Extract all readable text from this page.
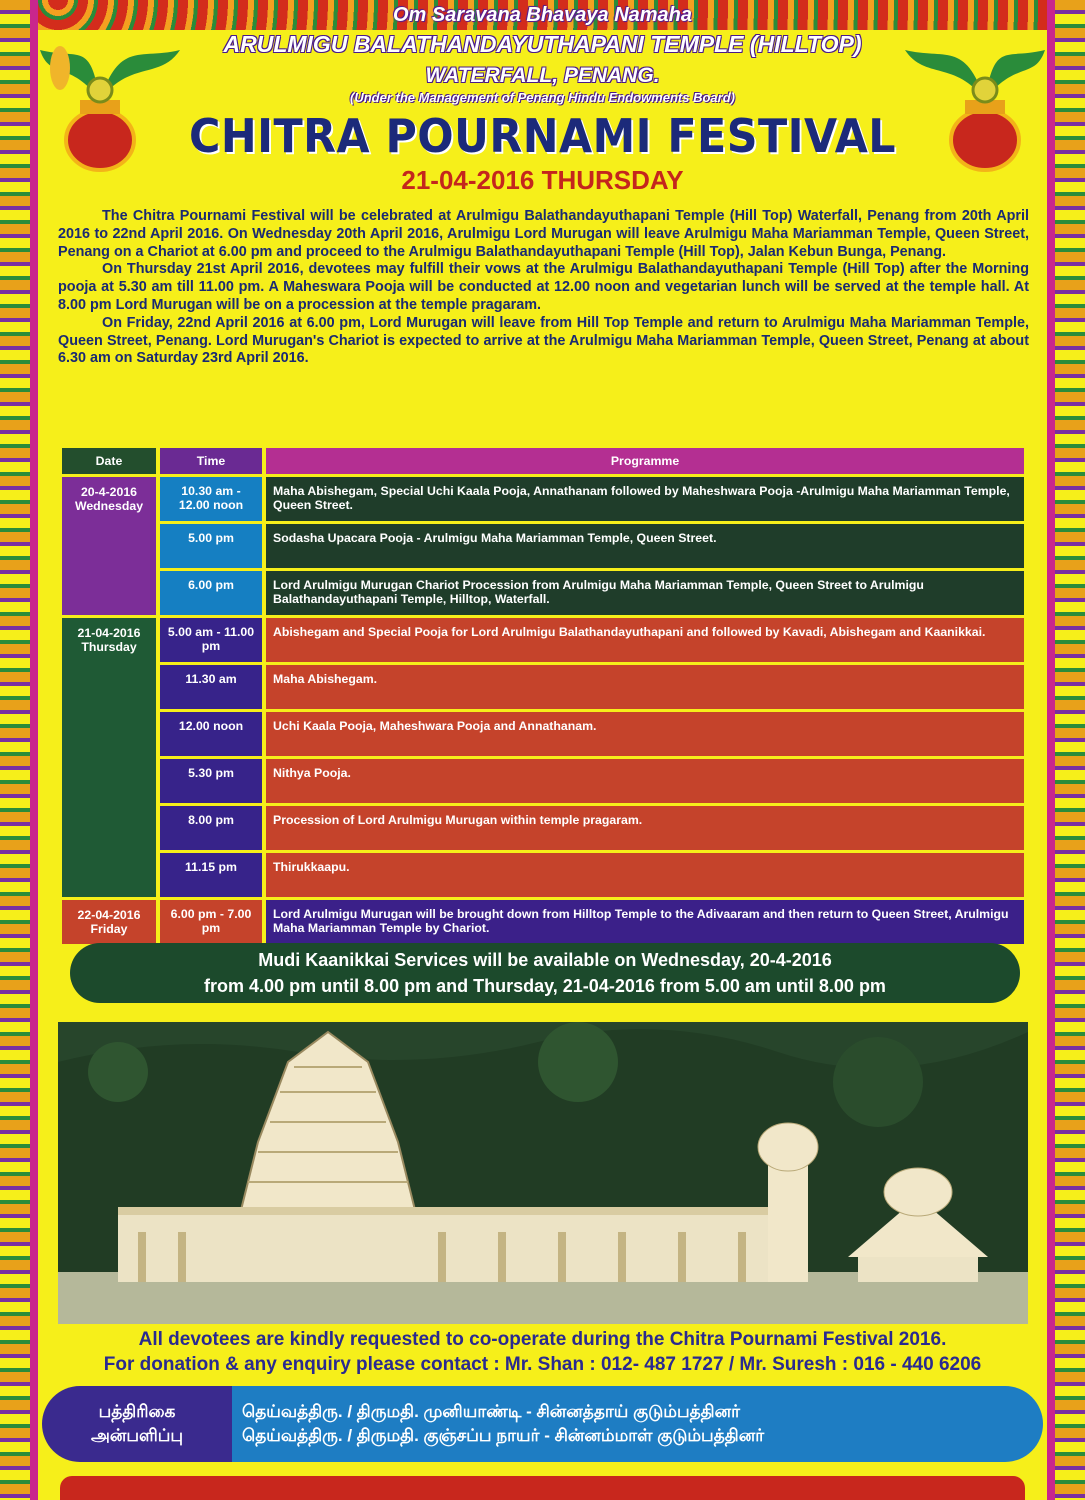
Om Saravana Bhavaya Namaha
ARULMIGU BALATHANDAYUTHAPANI TEMPLE (HILLTOP)
WATERFALL, PENANG.
(Under the Management of Penang Hindu Endowments Board)
CHITRA POURNAMI FESTIVAL
21-04-2016 THURSDAY

The Chitra Pournami Festival will be celebrated at Arulmigu Balathandayuthapani Temple (Hill Top) Waterfall, Penang from 20th April 2016 to 22nd April 2016. On Wednesday 20th April 2016, Arulmigu Lord Murugan will leave Arulmigu Maha Mariamman Temple, Queen Street, Penang on a Chariot at 6.00 pm and proceed to the Arulmigu Balathandayuthapani Temple (Hill Top), Jalan Kebun Bunga, Penang.

On Thursday 21st April 2016, devotees may fulfill their vows at the Arulmigu Balathandayuthapani Temple (Hill Top) after the Morning pooja at 5.30 am till 11.00 pm. A Maheswara Pooja will be conducted at 12.00 noon and vegetarian lunch will be served at the temple hall. At 8.00 pm Lord Murugan will be on a procession at the temple pragaram.

On Friday, 22nd April 2016 at 6.00 pm, Lord Murugan will leave from Hill Top Temple and return to Arulmigu Maha Mariamman Temple, Queen Street, Penang. Lord Murugan's Chariot is expected to arrive at the Arulmigu Maha Mariamman Temple, Queen Street, Penang at about 6.30 am on Saturday 23rd April 2016.

Date	Time	Programme

20-4-2016
Wednesday	10.30 am - 12.00 noon	Maha Abishegam, Special Uchi Kaala Pooja, Annathanam followed by Maheshwara Pooja -Arulmigu Maha Mariamman Temple, Queen Street.

	5.00 pm	Sodasha Upacara Pooja - Arulmigu Maha Mariamman Temple, Queen Street.

	6.00 pm	Lord Arulmigu Murugan Chariot Procession from Arulmigu Maha Mariamman Temple, Queen Street to Arulmigu Balathandayuthapani Temple, Hilltop, Waterfall.

21-04-2016
Thursday	5.00 am - 11.00 pm	Abishegam and Special Pooja for Lord Arulmigu Balathandayuthapani and followed by Kavadi, Abishegam and Kaanikkai.

	11.30 am	Maha Abishegam.

	12.00 noon	Uchi Kaala Pooja, Maheshwara Pooja and Annathanam.

	5.30 pm	Nithya Pooja.

	8.00 pm	Procession of Lord Arulmigu Murugan within temple pragaram.

	11.15 pm	Thirukkaapu.

22-04-2016
Friday	6.00 pm - 7.00 pm	Lord Arulmigu Murugan will be brought down from Hilltop Temple to the Adivaaram and then return to Queen Street, Arulmigu Maha Mariamman Temple by Chariot.
Mudi Kaanikkai Services will be available on Wednesday, 20-4-2016
from 4.00 pm until 8.00 pm and Thursday, 21-04-2016 from 5.00 am until 8.00 pm
All devotees are kindly requested to co-operate during the Chitra Pournami Festival 2016.
For donation & any enquiry please contact : Mr. Shan : 012- 487 1727 / Mr. Suresh : 016 - 440 6206
தெய்வத்திரு. / திருமதி. முனியாண்டி - சின்னத்தாய் குடும்பத்தினர்
தெய்வத்திரு. / திருமதி. குஞ்சப்ப நாயர் - சின்னம்மாள் குடும்பத்தினர்
பத்திரிகை
அன்பளிப்பு
